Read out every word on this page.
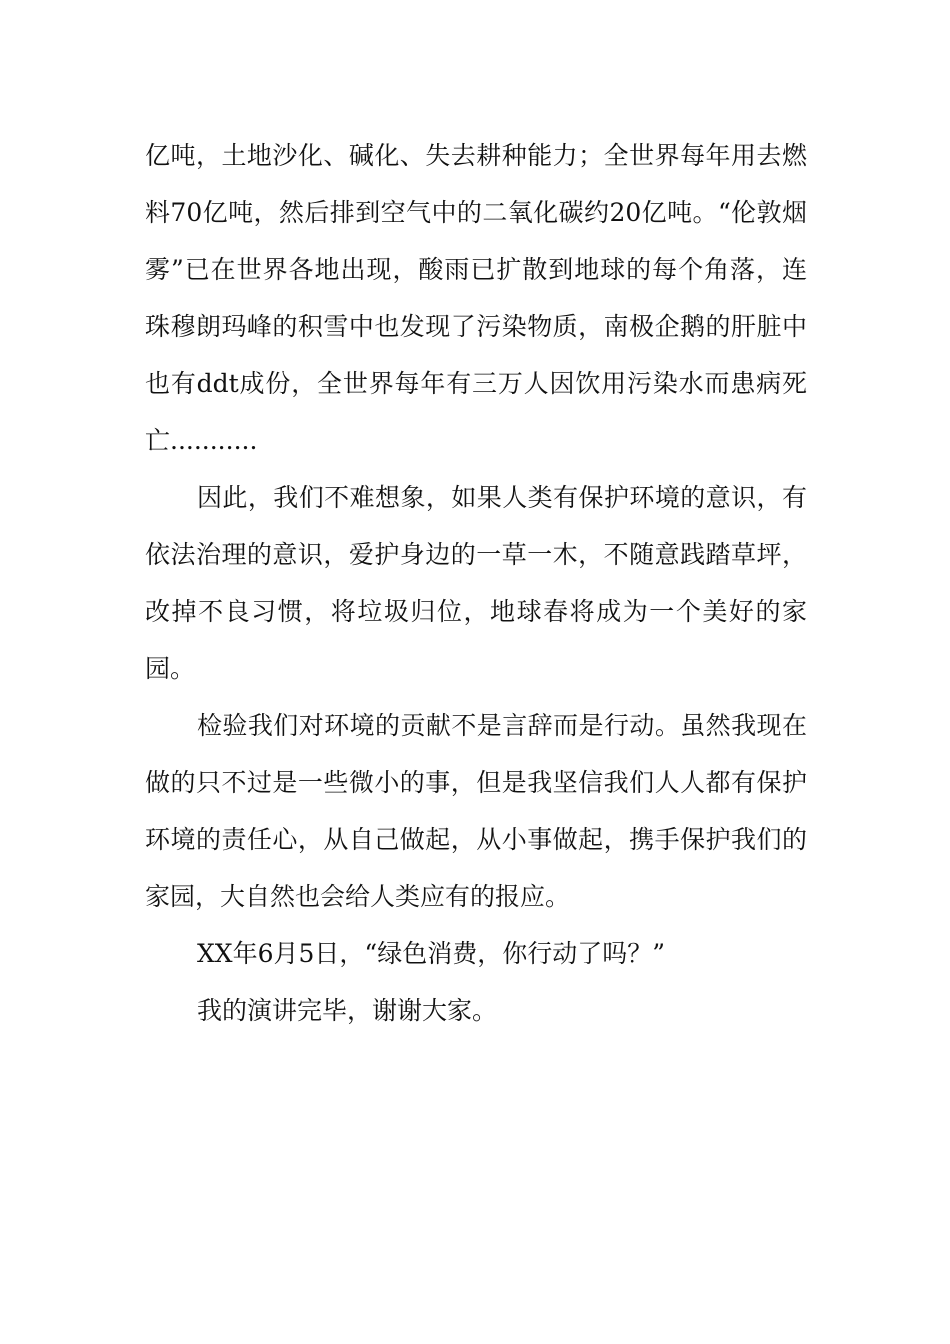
亿吨，土地沙化、碱化、失去耕种能力；全世界每年用去燃料70亿吨，然后排到空气中的二氧化碳约20亿吨。“伦敦烟雾”已在世界各地出现，酸雨已扩散到地球的每个角落，连珠穆朗玛峰的积雪中也发现了污染物质，南极企鹅的肝脏中也有ddt成份，全世界每年有三万人因饮用污染水而患病死亡...........

因此，我们不难想象，如果人类有保护环境的意识，有依法治理的意识，爱护身边的一草一木，不随意践踏草坪，改掉不良习惯，将垃圾归位，地球春将成为一个美好的家园。

检验我们对环境的贡献不是言辞而是行动。虽然我现在做的只不过是一些微小的事，但是我坚信我们人人都有保护环境的责任心，从自己做起，从小事做起，携手保护我们的家园，大自然也会给人类应有的报应。

XX年6月5日，“绿色消费，你行动了吗？”

我的演讲完毕，谢谢大家。
